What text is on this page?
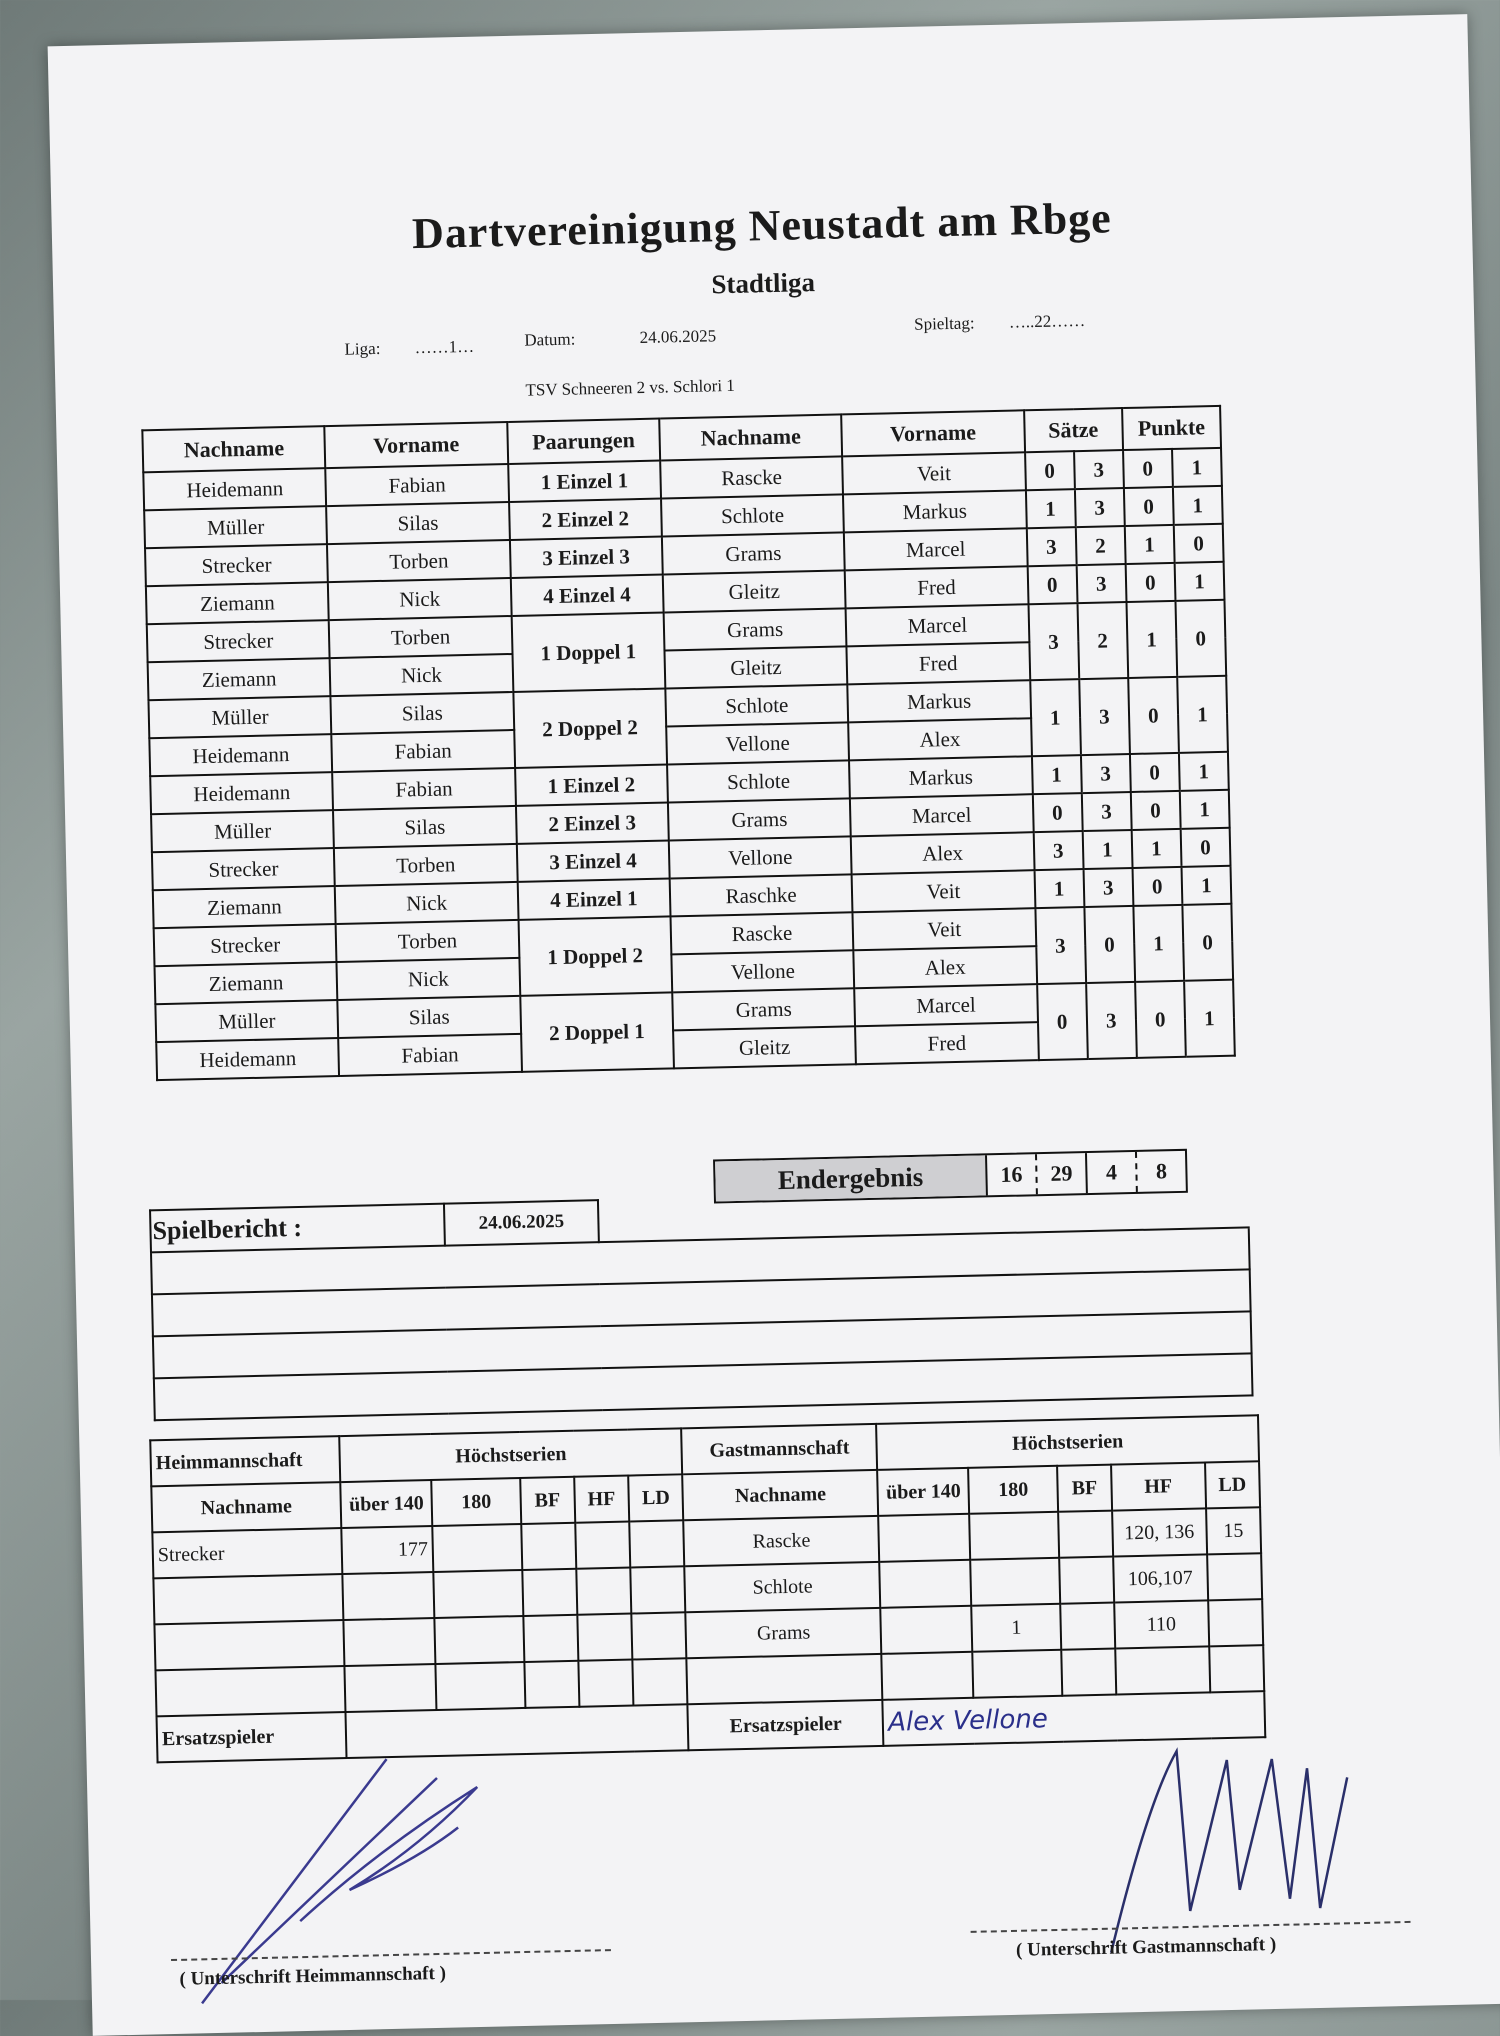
Dartvereinigung Neustadt am Rbge
Stadtliga
Liga: ……1…	Datum:	24.06.2025
Spieltag: …..22……
TSV Schneeren 2 vs. Schlori 1
Nachname	Vorname	Paarungen	Nachname	Vorname	Sätze		Punkte	
Heidemann	Fabian	1 Einzel 1	Rascke	Veit	0	3	0	1
Müller	Silas	2 Einzel 2	Schlote	Markus	1	3	0	1
Strecker	Torben	3 Einzel 3	Grams	Marcel	3	2	1	0
Ziemann	Nick	4 Einzel 4	Gleitz	Fred	0	3	0	1
Strecker	Torben	1 Doppel 1	Grams	Marcel	3	2	1	0
Ziemann	Nick		Gleitz	Fred				
Müller	Silas	2 Doppel 2	Schlote	Markus	1	3	0	1
Heidemann	Fabian		Vellone	Alex				
Heidemann	Fabian	1 Einzel 2	Schlote	Markus	1	3	0	1
Müller	Silas	2 Einzel 3	Grams	Marcel	0	3	0	1
Strecker	Torben	3 Einzel 4	Vellone	Alex	3	1	1	0
Ziemann	Nick	4 Einzel 1	Raschke	Veit	1	3	0	1
Strecker	Torben	1 Doppel 2	Rascke	Veit	3	0	1	0
Ziemann	Nick		Vellone	Alex				
Müller	Silas	2 Doppel 1	Grams	Marcel	0	3	0	1
Heidemann	Fabian		Gleitz	Fred				
Spielbericht :	24.06.2025	

Endergebnis	16	29	4	8
Heimmannschaft	Höchstserien					Gastmannschaft	Höchstserien				
Nachname	über 140	180	BF	HF	LD	Nachname	über 140	180	BF	HF	LD
Strecker	177					Rascke				120, 136	15
						Schlote				106,107	
						Grams		1		110	

Ersatzspieler						Ersatzspieler	Alex Vellone				
( Unterschrift Heimmannschaft )
( Unterschrift Gastmannschaft )
